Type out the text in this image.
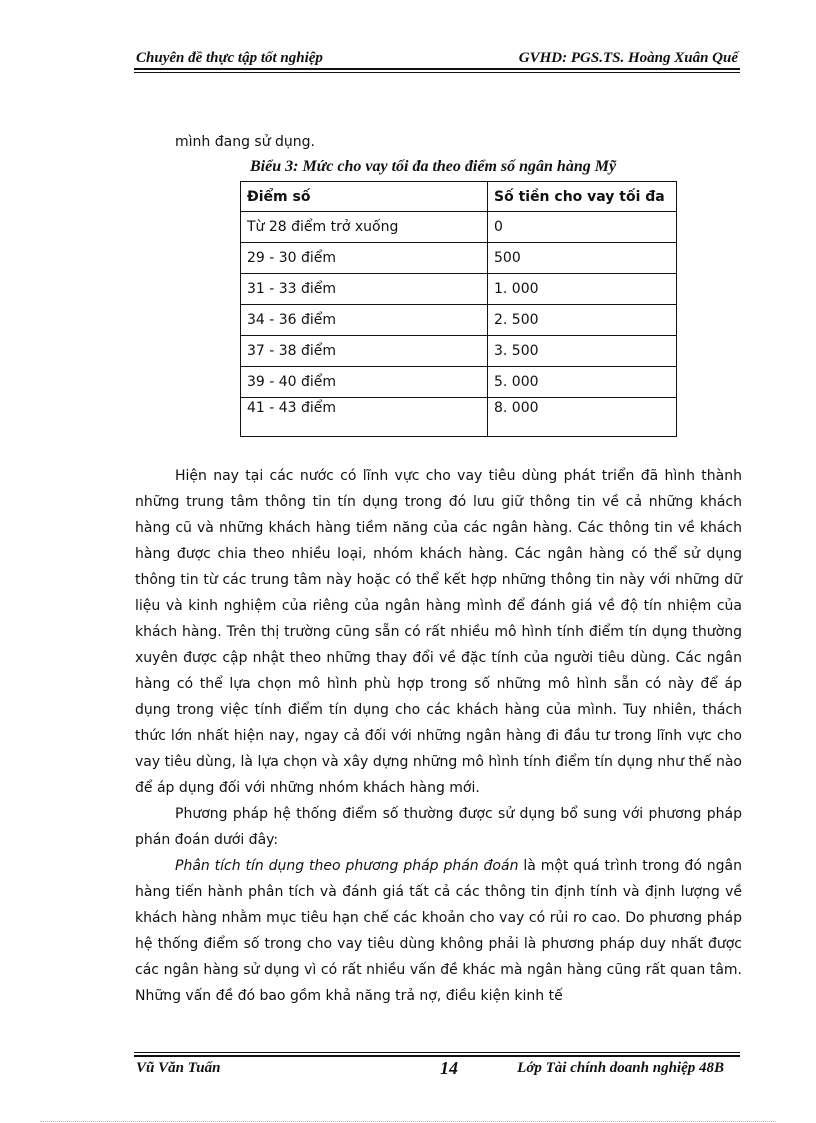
Chuyên đề thực tập tốt nghiệp	GVHD: PGS.TS. Hoàng Xuân Quế
mình đang sử dụng.
Biểu 3: Mức cho vay tối đa theo điểm số ngân hàng Mỹ
Điểm số	Số tiền cho vay tối đa
Từ 28 điểm trở xuống	0
29 - 30 điểm	500
31 - 33 điểm	1. 000
34 - 36 điểm	2. 500
37 - 38 điểm	3. 500
39 - 40 điểm	5. 000
41 - 43 điểm	8. 000

Hiện nay tại các nước có lĩnh vực cho vay tiêu dùng phát triển đã hình thành những trung tâm thông tin tín dụng trong đó lưu giữ thông tin về cả những khách hàng cũ và những khách hàng tiềm năng của các ngân hàng. Các thông tin về khách hàng được chia theo nhiều loại, nhóm khách hàng. Các ngân hàng có thể sử dụng thông tin từ các trung tâm này hoặc có thể kết hợp những thông tin này với những dữ liệu và kinh nghiệm của riêng của ngân hàng mình để đánh giá về độ tín nhiệm của khách hàng. Trên thị trường cũng sẵn có rất nhiều mô hình tính điểm tín dụng thường xuyên được cập nhật theo những thay đổi về đặc tính của người tiêu dùng. Các ngân hàng có thể lựa chọn mô hình phù hợp trong số những mô hình sẵn có này để áp dụng trong việc tính điểm tín dụng cho các khách hàng của mình. Tuy nhiên, thách thức lớn nhất hiện nay, ngay cả đối với những ngân hàng đi đầu tư trong lĩnh vực cho vay tiêu dùng, là lựa chọn và xây dựng những mô hình tính điểm tín dụng như thế nào để áp dụng đối với những nhóm khách hàng mới.

Phương pháp hệ thống điểm số thường được sử dụng bổ sung với phương pháp phán đoán dưới đây:

Phân tích tín dụng theo phương pháp phán đoán là một quá trình trong đó ngân hàng tiến hành phân tích và đánh giá tất cả các thông tin định tính và định lượng về khách hàng nhằm mục tiêu hạn chế các khoản cho vay có rủi ro cao. Do phương pháp hệ thống điểm số trong cho vay tiêu dùng không phải là phương pháp duy nhất được các ngân hàng sử dụng vì có rất nhiều vấn đề khác mà ngân hàng cũng rất quan tâm. Những vấn đề đó bao gồm khả năng trả nợ, điều kiện kinh tế

Vũ Văn Tuấn	14	Lớp Tài chính doanh nghiệp 48B
